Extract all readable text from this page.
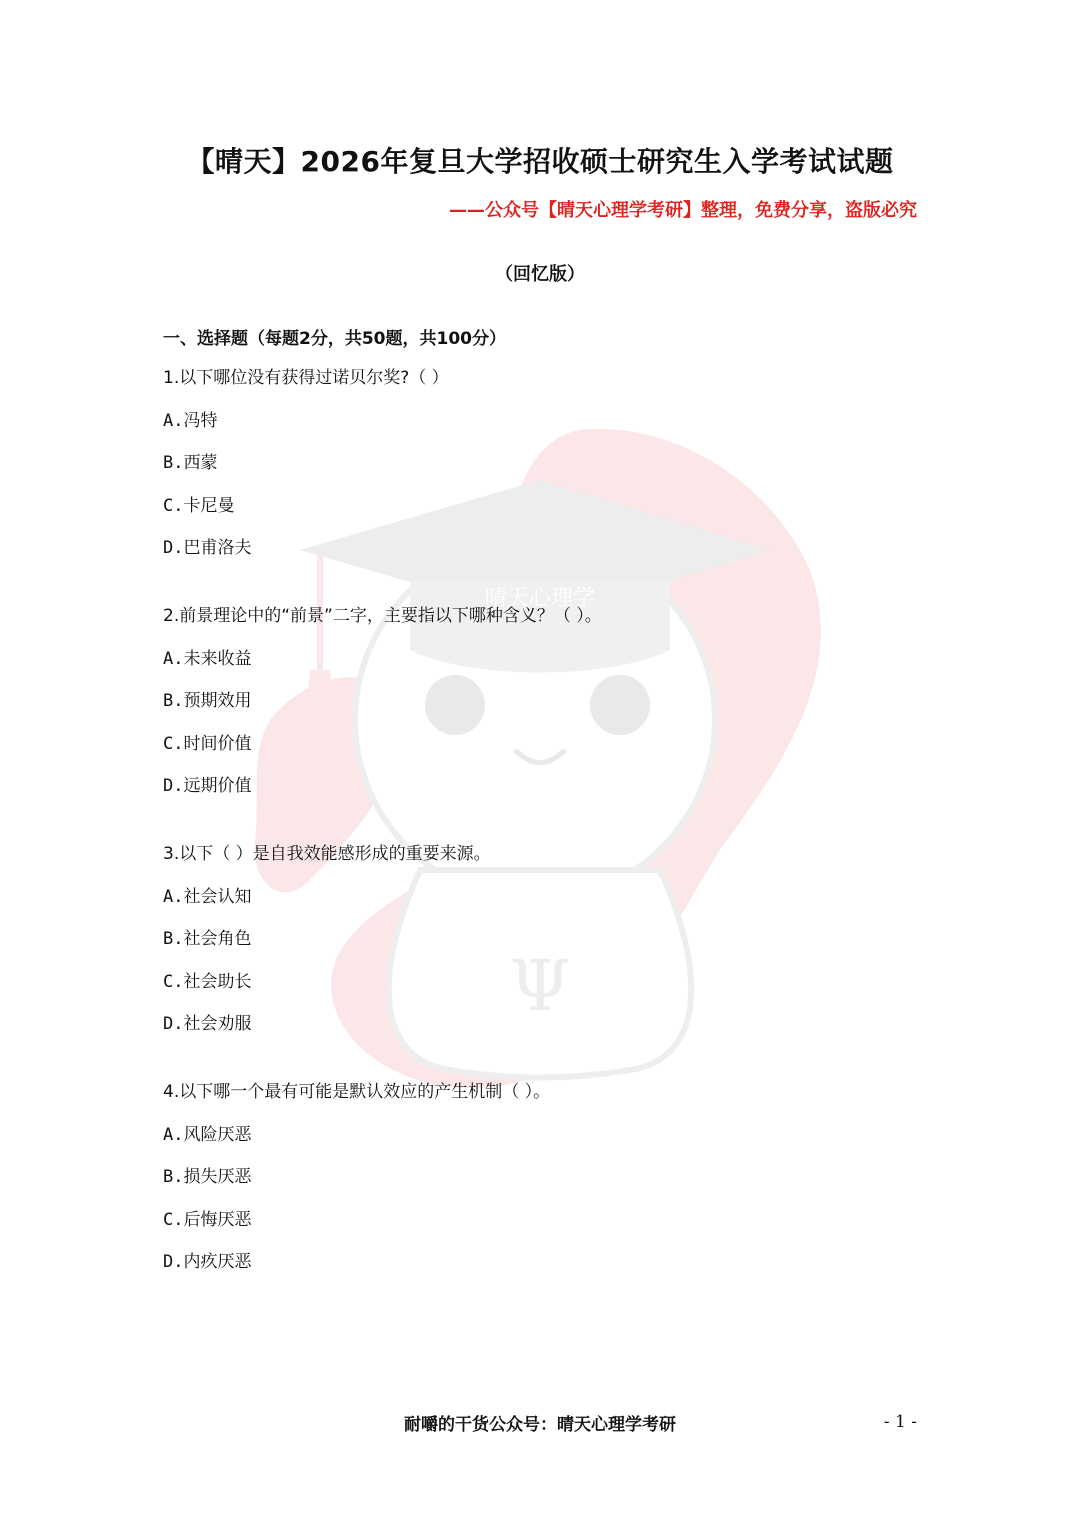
晴天心理学
Ψ
【晴天】2026年复旦大学招收硕士研究生入学考试试题
——公众号【晴天心理学考研】整理，免费分享，盗版必究
（回忆版）
一、选择题（每题2分，共50题，共100分）
1.以下哪位没有获得过诺贝尔奖?（ ）
A.冯特
B.西蒙
C.卡尼曼
D.巴甫洛夫
2.前景理论中的“前景”二字，主要指以下哪种含义？（ ）。
A.未来收益
B.预期效用
C.时间价值
D.远期价值
3.以下（ ）是自我效能感形成的重要来源。
A.社会认知
B.社会角色
C.社会助长
D.社会劝服
4.以下哪一个最有可能是默认效应的产生机制（ ）。
A.风险厌恶
B.损失厌恶
C.后悔厌恶
D.内疚厌恶
耐嚼的干货公众号：晴天心理学考研	- 1 -
